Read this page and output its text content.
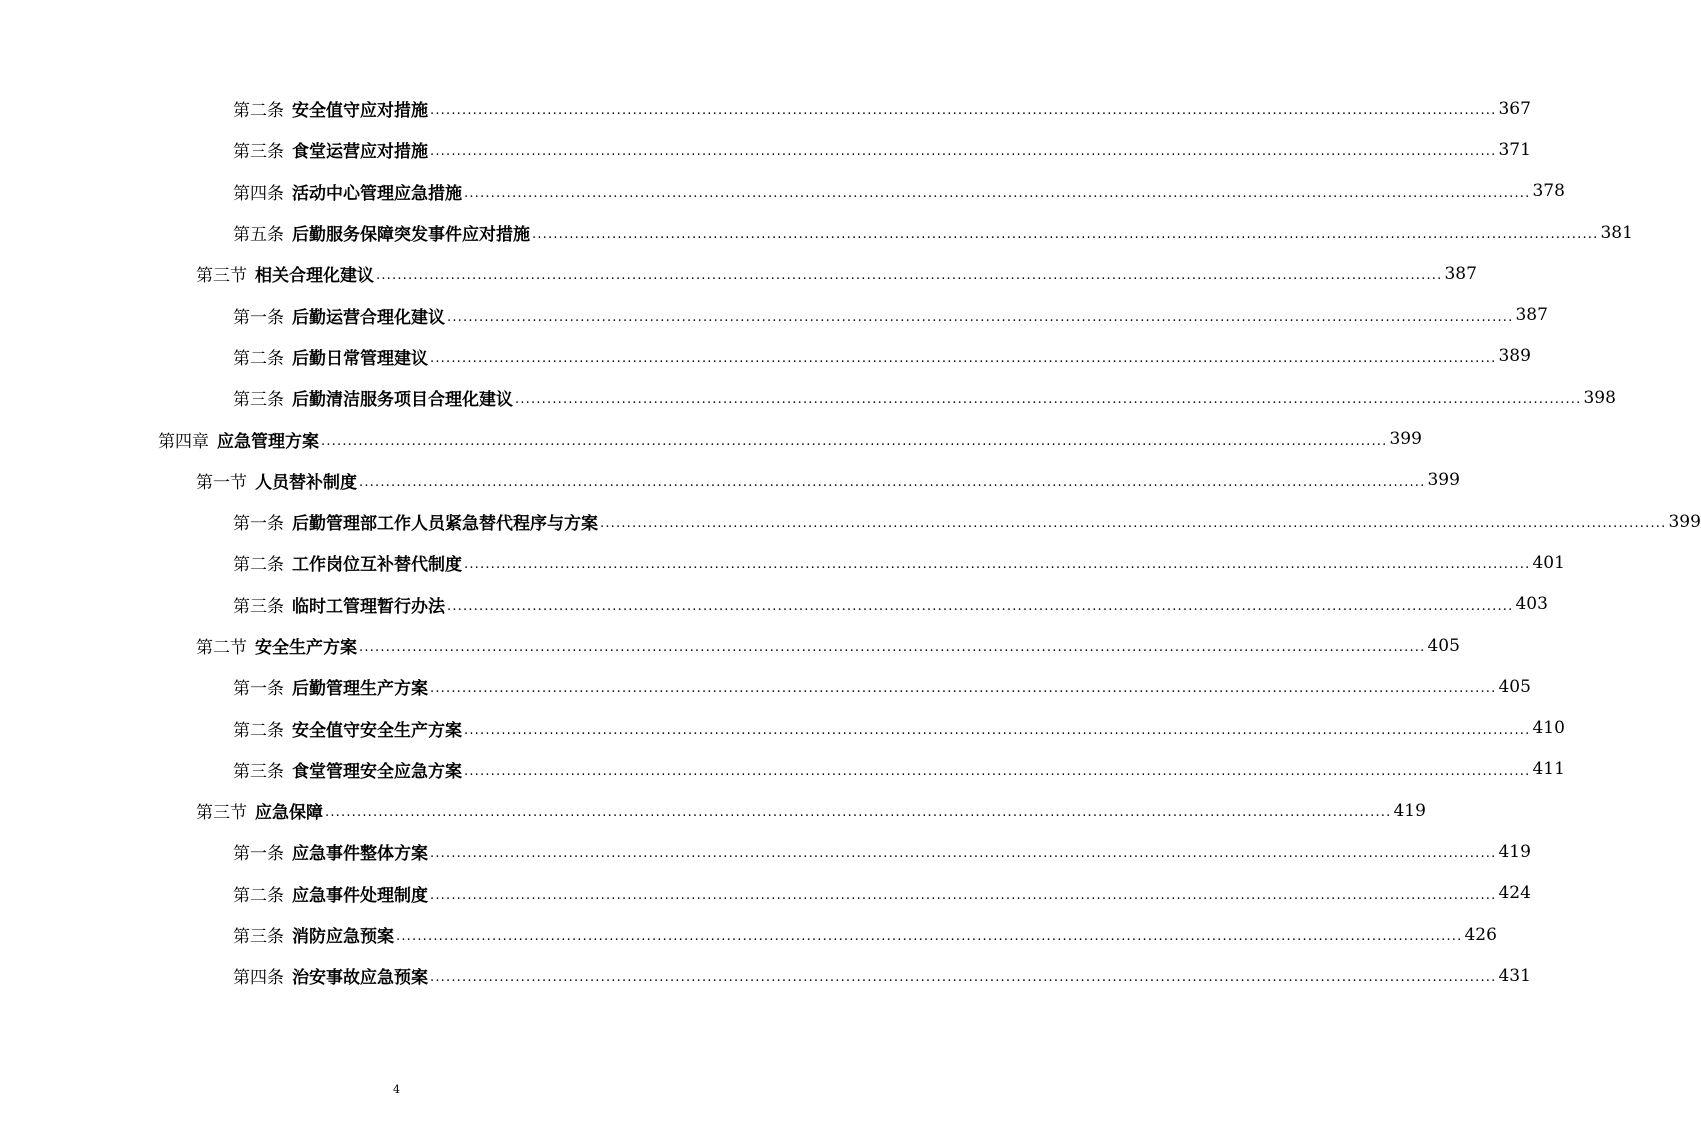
第二条 安全值守应对措施 ........................................................................................................................................................................................................ 367
第三条 食堂运营应对措施 ........................................................................................................................................................................................................ 371
第四条 活动中心管理应急措施 ........................................................................................................................................................................................................ 378
第五条 后勤服务保障突发事件应对措施 ........................................................................................................................................................................................................ 381
第三节 相关合理化建议 ........................................................................................................................................................................................................ 387
第一条 后勤运营合理化建议 ........................................................................................................................................................................................................ 387
第二条 后勤日常管理建议 ........................................................................................................................................................................................................ 389
第三条 后勤清洁服务项目合理化建议 ........................................................................................................................................................................................................ 398
第四章 应急管理方案 ........................................................................................................................................................................................................ 399
第一节 人员替补制度 ........................................................................................................................................................................................................ 399
第一条 后勤管理部工作人员紧急替代程序与方案 ........................................................................................................................................................................................................ 399
第二条 工作岗位互补替代制度 ........................................................................................................................................................................................................ 401
第三条 临时工管理暂行办法 ........................................................................................................................................................................................................ 403
第二节 安全生产方案 ........................................................................................................................................................................................................ 405
第一条 后勤管理生产方案 ........................................................................................................................................................................................................ 405
第二条 安全值守安全生产方案 ........................................................................................................................................................................................................ 410
第三条 食堂管理安全应急方案 ........................................................................................................................................................................................................ 411
第三节 应急保障 ........................................................................................................................................................................................................ 419
第一条 应急事件整体方案 ........................................................................................................................................................................................................ 419
第二条 应急事件处理制度 ........................................................................................................................................................................................................ 424
第三条 消防应急预案 ........................................................................................................................................................................................................ 426
第四条 治安事故应急预案 ........................................................................................................................................................................................................ 431
4
